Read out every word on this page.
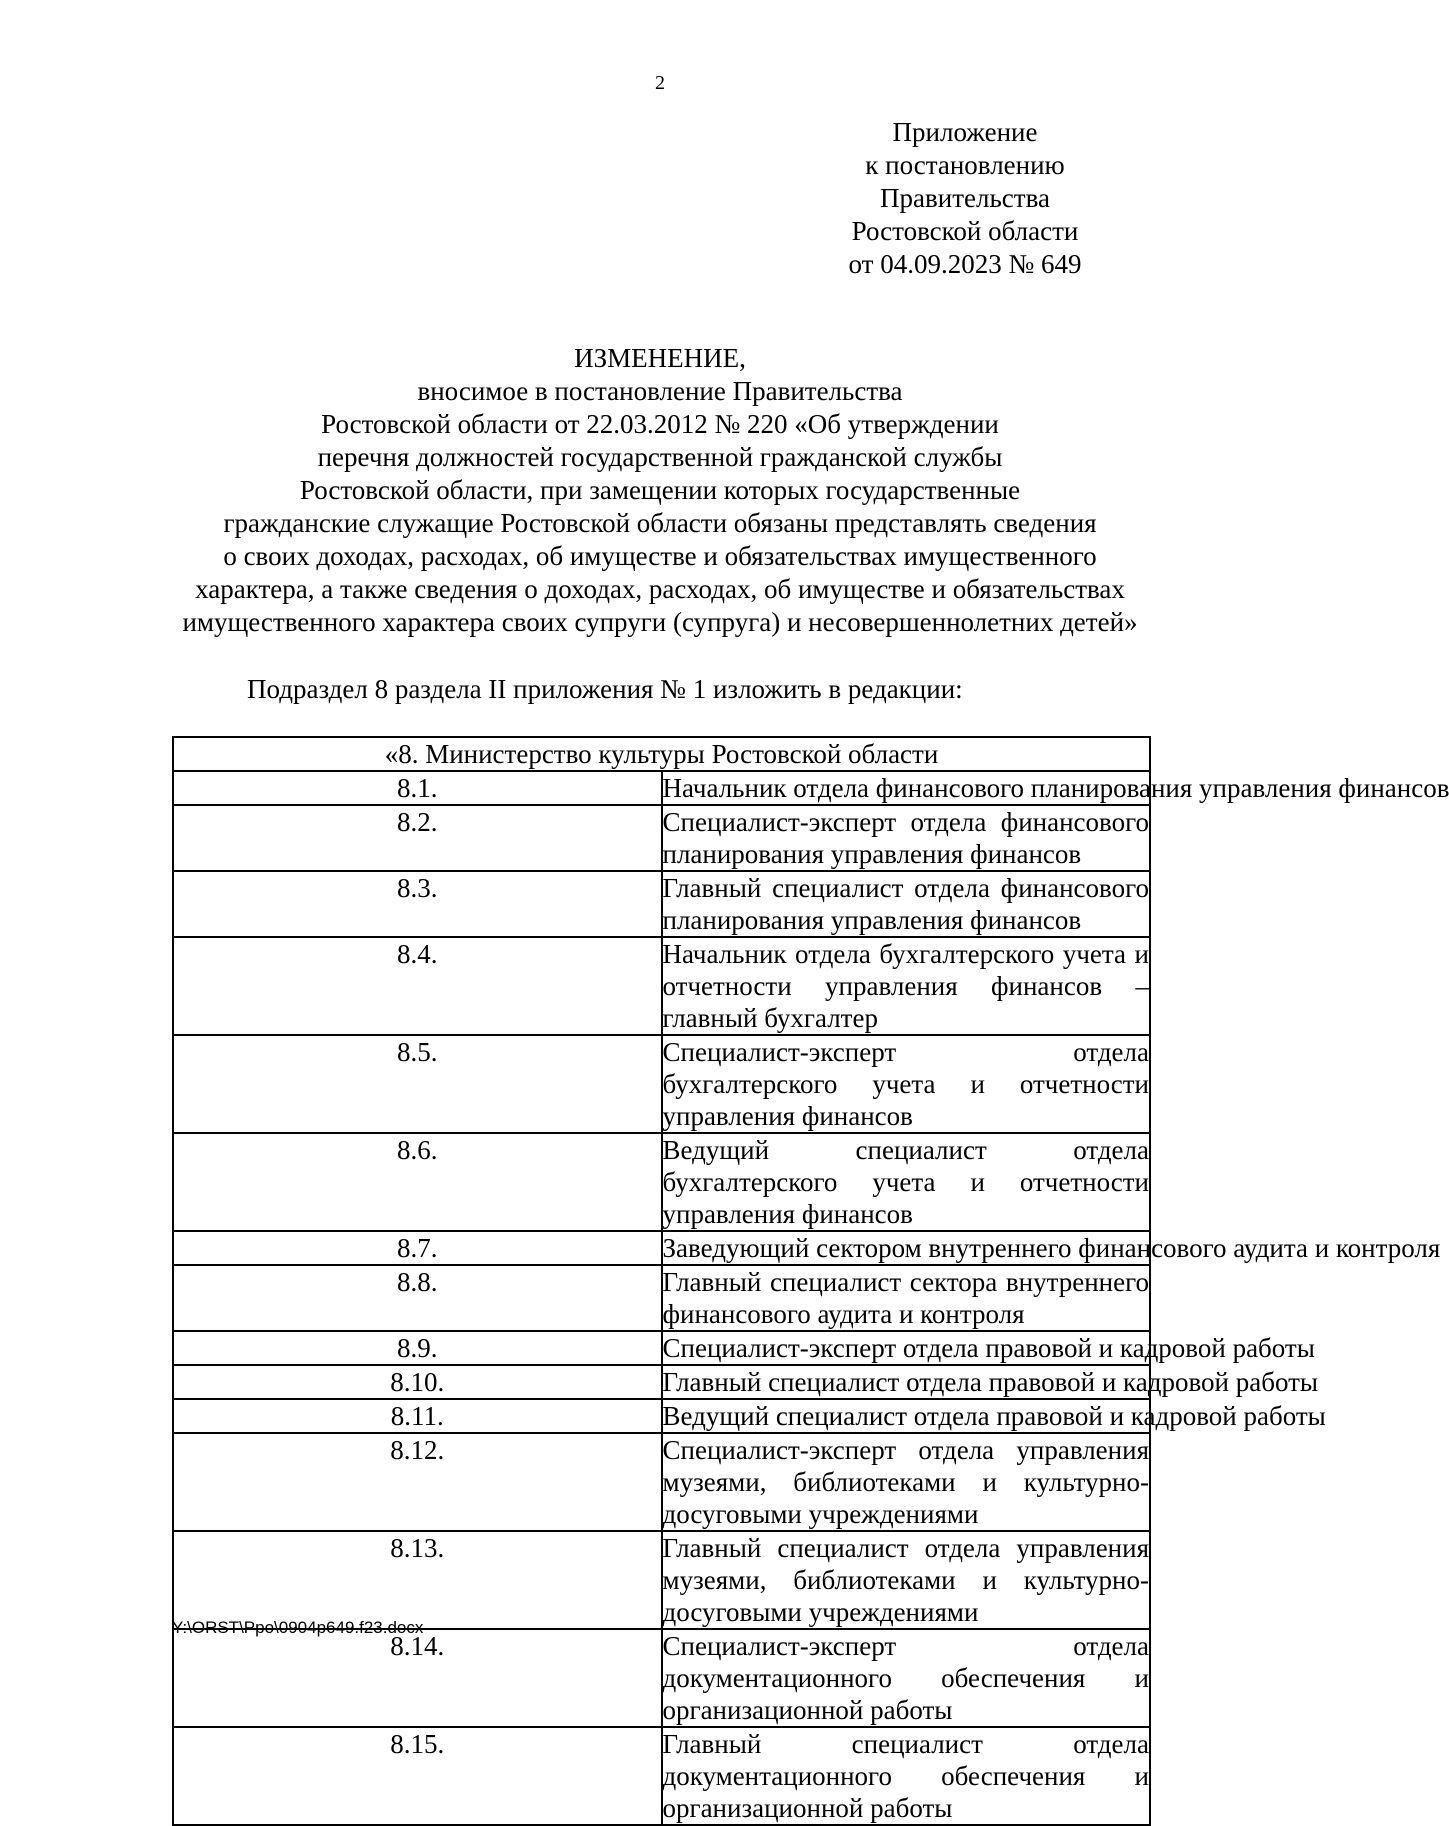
2
Приложение
к постановлению
Правительства
Ростовской области
от 04.09.2023 № 649
ИЗМЕНЕНИЕ,
вносимое в постановление Правительства
Ростовской области от 22.03.2012 № 220 «Об утверждении
перечня должностей государственной гражданской службы
Ростовской области, при замещении которых государственные
гражданские служащие Ростовской области обязаны представлять сведения
о своих доходах, расходах, об имуществе и обязательствах имущественного
характера, а также сведения о доходах, расходах, об имуществе и обязательствах
имущественного характера своих супруги (супруга) и несовершеннолетних детей»
Подраздел 8 раздела II приложения № 1 изложить в редакции:
«8. Министерство культуры Ростовской области	
8.1.	Начальник отдела финансового планирования управления финансов
8.2.	Специалист-эксперт отдела финансового планирования управления финансов
8.3.	Главный специалист отдела финансового планирования управления финансов
8.4.	Начальник отдела бухгалтерского учета и отчетности управления финансов – главный бухгалтер
8.5.	Специалист-эксперт отдела бухгалтерского учета и отчетности управления финансов
8.6.	Ведущий специалист отдела бухгалтерского учета и отчетности управления финансов
8.7.	Заведующий сектором внутреннего финансового аудита и контроля
8.8.	Главный специалист сектора внутреннего финансового аудита и контроля
8.9.	Специалист-эксперт отдела правовой и кадровой работы
8.10.	Главный специалист отдела правовой и кадровой работы
8.11.	Ведущий специалист отдела правовой и кадровой работы
8.12.	Специалист-эксперт отдела управления музеями, библиотеками и культурно-досуговыми учреждениями
8.13.	Главный специалист отдела управления музеями, библиотеками и культурно-досуговыми учреждениями
8.14.	Специалист-эксперт отдела документационного обеспечения и организационной работы
8.15.	Главный специалист отдела документационного обеспечения и организационной работы
Y:\ORST\Ppo\0904p649.f23.docx
